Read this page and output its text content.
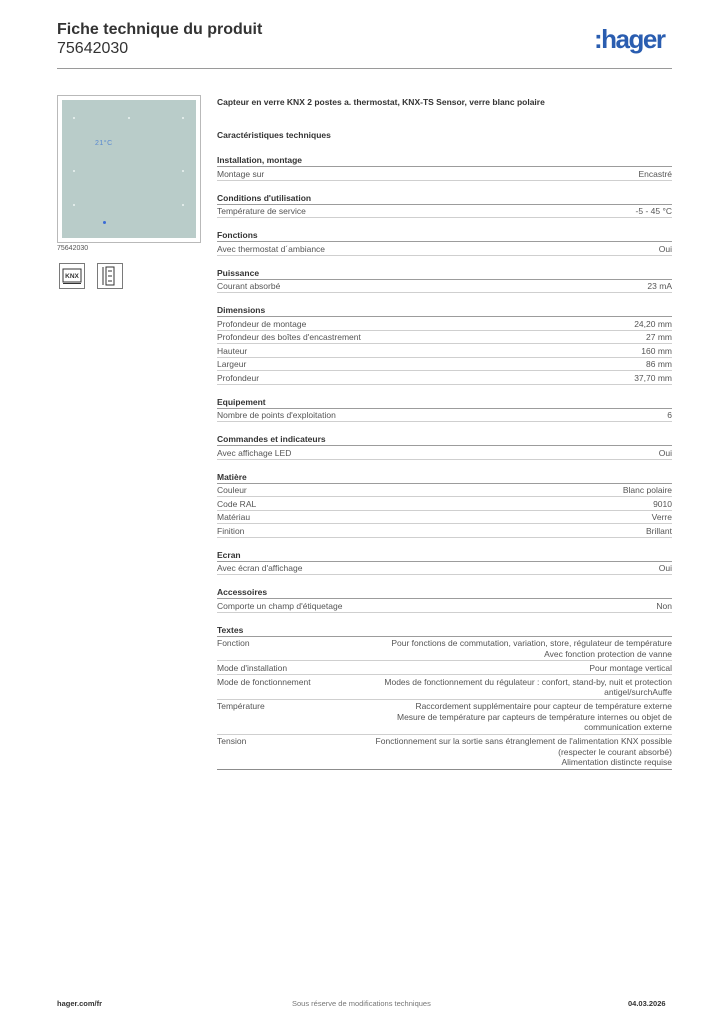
Fiche technique du produit
75642030	:hager
21°C
75642030
KNX
Capteur en verre KNX 2 postes a. thermostat, KNX-TS Sensor, verre blanc polaire
Caractéristiques techniques
Installation, montage
Montage sur	Encastré
Conditions d'utilisation
Température de service	-5 - 45 °C
Fonctions
Avec thermostat d´ambiance	Oui
Puissance
Courant absorbé	23 mA
Dimensions
Profondeur de montage	24,20 mm
Profondeur des boîtes d'encastrement	27 mm
Hauteur	160 mm
Largeur	86 mm
Profondeur	37,70 mm
Equipement
Nombre de points d'exploitation	6
Commandes et indicateurs
Avec affichage LED	Oui
Matière
Couleur	Blanc polaire
Code RAL	9010
Matériau	Verre
Finition	Brillant
Ecran
Avec écran d'affichage	Oui
Accessoires
Comporte un champ d'étiquetage	Non
Textes
Fonction	Pour fonctions de commutation, variation, store, régulateur de température
Avec fonction protection de vanne
Mode d'installation	Pour montage vertical
Mode de fonctionnement	Modes de fonctionnement du régulateur : confort, stand-by, nuit et protection antigel/surchAuffe
Température	Raccordement supplémentaire pour capteur de température externe
Mesure de température par capteurs de température internes ou objet de communication externe
Tension	Fonctionnement sur la sortie sans étranglement de l'alimentation KNX possible (respecter le courant absorbé)
Alimentation distincte requise
hager.com/fr	Sous réserve de modifications techniques	04.03.2026
